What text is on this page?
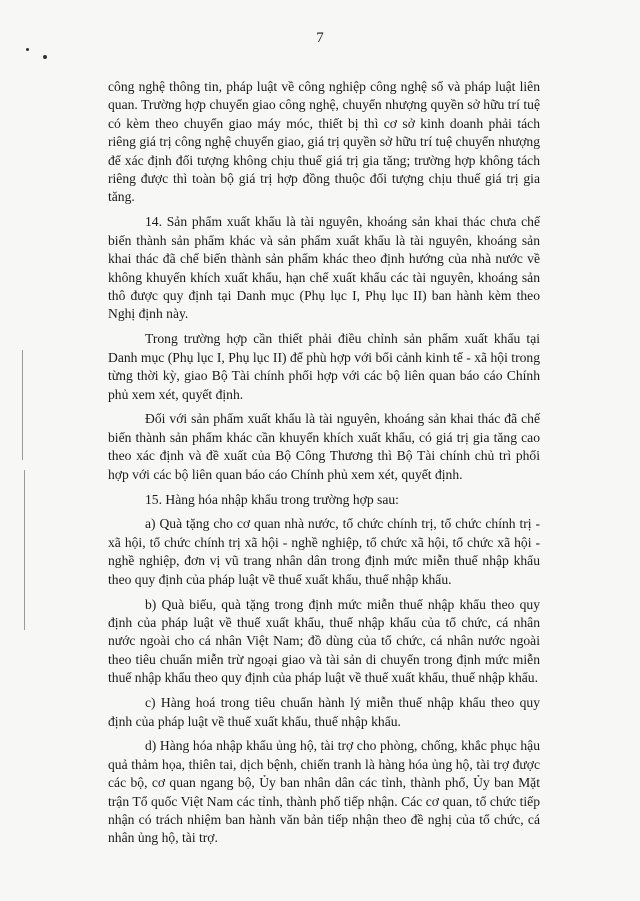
7

công nghệ thông tin, pháp luật về công nghiệp công nghệ số và pháp luật liên quan. Trường hợp chuyển giao công nghệ, chuyển nhượng quyền sở hữu trí tuệ có kèm theo chuyển giao máy móc, thiết bị thì cơ sở kinh doanh phải tách riêng giá trị công nghệ chuyển giao, giá trị quyền sở hữu trí tuệ chuyển nhượng để xác định đối tượng không chịu thuế giá trị gia tăng; trường hợp không tách riêng được thì toàn bộ giá trị hợp đồng thuộc đối tượng chịu thuế giá trị gia tăng.

14. Sản phẩm xuất khẩu là tài nguyên, khoáng sản khai thác chưa chế biến thành sản phẩm khác và sản phẩm xuất khẩu là tài nguyên, khoáng sản khai thác đã chế biến thành sản phẩm khác theo định hướng của nhà nước về không khuyến khích xuất khẩu, hạn chế xuất khẩu các tài nguyên, khoáng sản thô được quy định tại Danh mục (Phụ lục I, Phụ lục II) ban hành kèm theo Nghị định này.

Trong trường hợp cần thiết phải điều chỉnh sản phẩm xuất khẩu tại Danh mục (Phụ lục I, Phụ lục II) để phù hợp với bối cảnh kinh tế - xã hội trong từng thời kỳ, giao Bộ Tài chính phối hợp với các bộ liên quan báo cáo Chính phủ xem xét, quyết định.

Đối với sản phẩm xuất khẩu là tài nguyên, khoáng sản khai thác đã chế biến thành sản phẩm khác cần khuyến khích xuất khẩu, có giá trị gia tăng cao theo xác định và đề xuất của Bộ Công Thương thì Bộ Tài chính chủ trì phối hợp với các bộ liên quan báo cáo Chính phủ xem xét, quyết định.

15. Hàng hóa nhập khẩu trong trường hợp sau:

a) Quà tặng cho cơ quan nhà nước, tổ chức chính trị, tổ chức chính trị - xã hội, tổ chức chính trị xã hội - nghề nghiệp, tổ chức xã hội, tổ chức xã hội - nghề nghiệp, đơn vị vũ trang nhân dân trong định mức miễn thuế nhập khẩu theo quy định của pháp luật về thuế xuất khẩu, thuế nhập khẩu.

b) Quà biếu, quà tặng trong định mức miễn thuế nhập khẩu theo quy định của pháp luật về thuế xuất khẩu, thuế nhập khẩu của tổ chức, cá nhân nước ngoài cho cá nhân Việt Nam; đồ dùng của tổ chức, cá nhân nước ngoài theo tiêu chuẩn miễn trừ ngoại giao và tài sản di chuyển trong định mức miễn thuế nhập khẩu theo quy định của pháp luật về thuế xuất khẩu, thuế nhập khẩu.

c) Hàng hoá trong tiêu chuẩn hành lý miễn thuế nhập khẩu theo quy định của pháp luật về thuế xuất khẩu, thuế nhập khẩu.

d) Hàng hóa nhập khẩu ủng hộ, tài trợ cho phòng, chống, khắc phục hậu quả thảm họa, thiên tai, dịch bệnh, chiến tranh là hàng hóa ủng hộ, tài trợ được các bộ, cơ quan ngang bộ, Ủy ban nhân dân các tỉnh, thành phố, Ủy ban Mặt trận Tổ quốc Việt Nam các tỉnh, thành phố tiếp nhận. Các cơ quan, tổ chức tiếp nhận có trách nhiệm ban hành văn bản tiếp nhận theo đề nghị của tổ chức, cá nhân ủng hộ, tài trợ.
